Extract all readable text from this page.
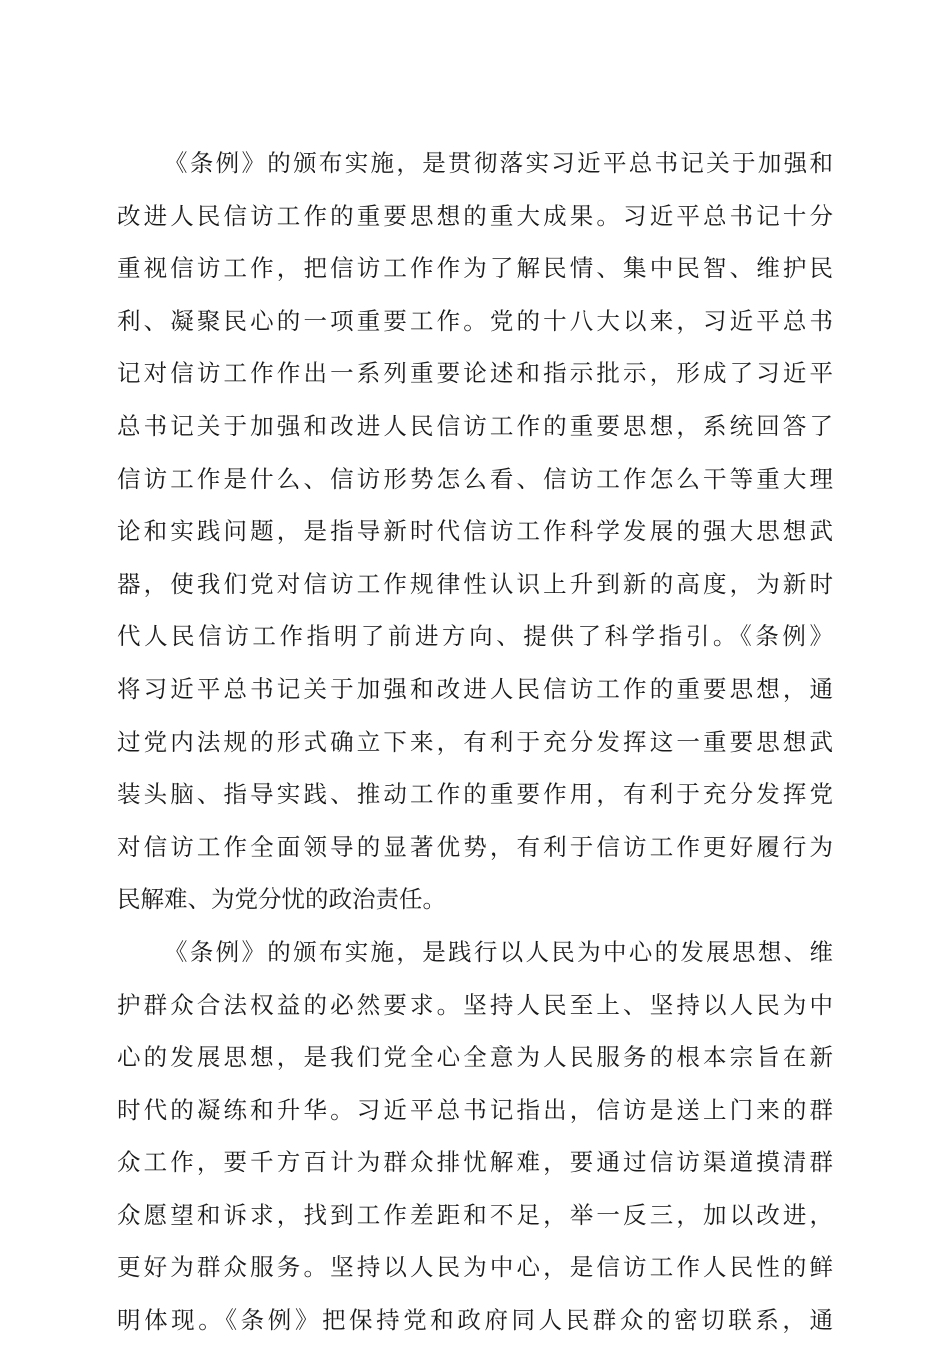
《条例》的颁布实施，是贯彻落实习近平总书记关于加强和
改进人民信访工作的重要思想的重大成果。习近平总书记十分
重视信访工作，把信访工作作为了解民情、集中民智、维护民
利、凝聚民心的一项重要工作。党的十八大以来，习近平总书
记对信访工作作出一系列重要论述和指示批示，形成了习近平
总书记关于加强和改进人民信访工作的重要思想，系统回答了
信访工作是什么、信访形势怎么看、信访工作怎么干等重大理
论和实践问题，是指导新时代信访工作科学发展的强大思想武
器，使我们党对信访工作规律性认识上升到新的高度，为新时
代人民信访工作指明了前进方向、提供了科学指引。《条例》
将习近平总书记关于加强和改进人民信访工作的重要思想，通
过党内法规的形式确立下来，有利于充分发挥这一重要思想武
装头脑、指导实践、推动工作的重要作用，有利于充分发挥党
对信访工作全面领导的显著优势，有利于信访工作更好履行为
民解难、为党分忧的政治责任。
《条例》的颁布实施，是践行以人民为中心的发展思想、维
护群众合法权益的必然要求。坚持人民至上、坚持以人民为中
心的发展思想，是我们党全心全意为人民服务的根本宗旨在新
时代的凝练和升华。习近平总书记指出，信访是送上门来的群
众工作，要千方百计为群众排忧解难，要通过信访渠道摸清群
众愿望和诉求，找到工作差距和不足，举一反三，加以改进，
更好为群众服务。坚持以人民为中心，是信访工作人民性的鲜
明体现。《条例》把保持党和政府同人民群众的密切联系，通
